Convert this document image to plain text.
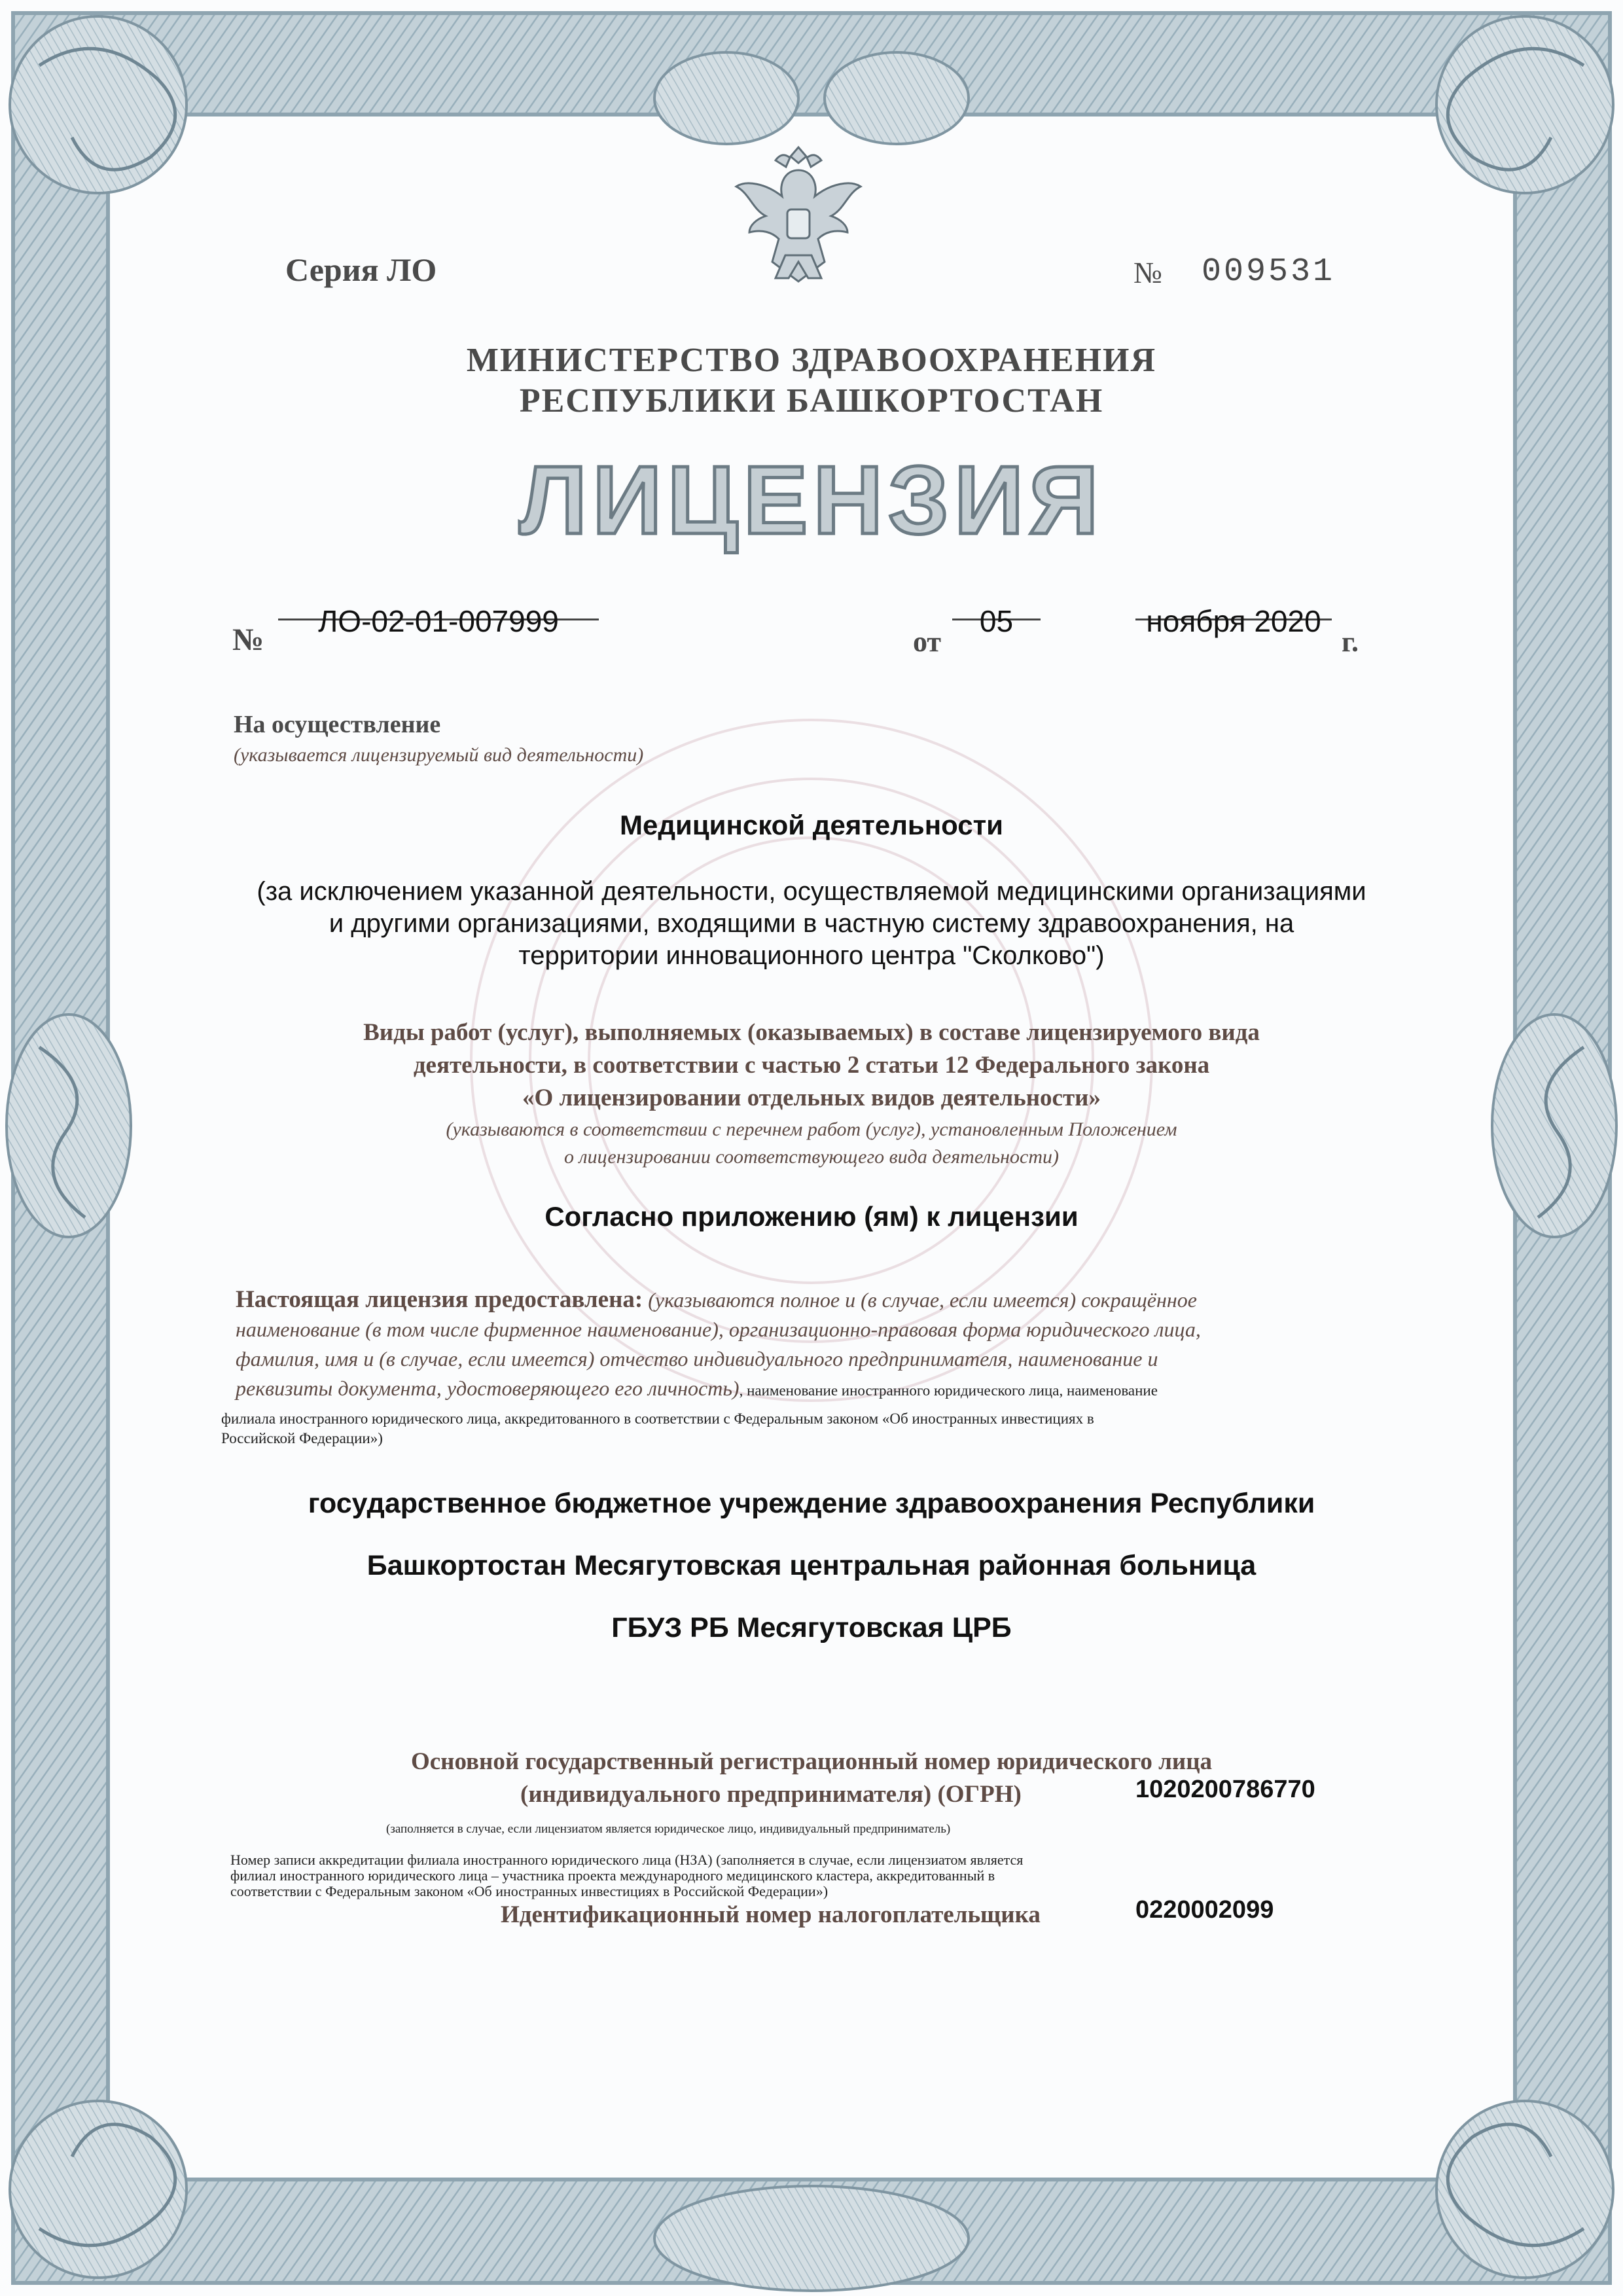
Серия ЛО	№ 009531
МИНИСТЕРСТВО ЗДРАВООХРАНЕНИЯ
РЕСПУБЛИКИ БАШКОРТОСТАН
ЛИЦЕНЗИЯ
№
ЛО-02-01-007999
от
05	ноября 2020
г.
На осуществление
(указывается лицензируемый вид деятельности)
Медицинской деятельности
(за исключением указанной деятельности, осуществляемой медицинскими организациями
и другими организациями, входящими в частную систему здравоохранения, на
территории инновационного центра "Сколково")
Виды работ (услуг), выполняемых (оказываемых) в составе лицензируемого вида
деятельности, в соответствии с частью 2 статьи 12 Федерального закона
«О лицензировании отдельных видов деятельности»
(указываются в соответствии с перечнем работ (услуг), установленным Положением
о лицензировании соответствующего вида деятельности)
Согласно приложению (ям) к лицензии
Настоящая лицензия предоставлена: (указываются полное и (в случае, если имеется) сокращённое
наименование (в том числе фирменное наименование), организационно-правовая форма юридического лица,
фамилия, имя и (в случае, если имеется) отчество индивидуального предпринимателя, наименование и
реквизиты документа, удостоверяющего его личность), наименование иностранного юридического лица, наименование
филиала иностранного юридического лица, аккредитованного в соответствии с Федеральным законом «Об иностранных инвестициях в
Российской Федерации»)
государственное бюджетное учреждение здравоохранения Республики
Башкортостан Месягутовская центральная районная больница
ГБУЗ РБ Месягутовская ЦРБ
Основной государственный регистрационный номер юридического лица
(индивидуального предпринимателя) (ОГРН)	1020200786770
(заполняется в случае, если лицензиатом является юридическое лицо, индивидуальный предприниматель)
Номер записи аккредитации филиала иностранного юридического лица (НЗА) (заполняется в случае, если лицензиатом является
филиал иностранного юридического лица – участника проекта международного медицинского кластера, аккредитованный в
соответствии с Федеральным законом «Об иностранных инвестициях в Российской Федерации»)
Идентификационный номер налогоплательщика	0220002099
